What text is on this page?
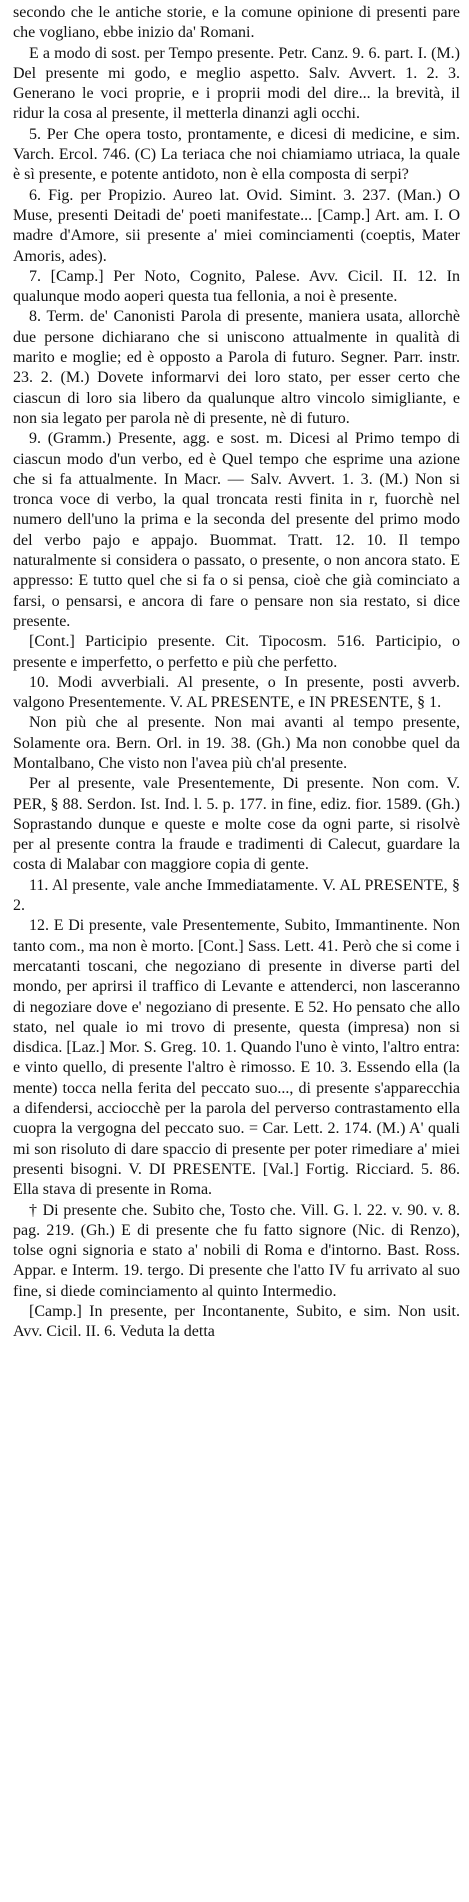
secondo che le antiche storie, e la comune opinione di presenti pare che vogliano, ebbe inizio da' Romani.

E a modo di sost. per Tempo presente. Petr. Canz. 9. 6. part. I. (M.) Del presente mi godo, e meglio aspetto. Salv. Avvert. 1. 2. 3. Generano le voci proprie, e i proprii modi del dire... la brevità, il ridur la cosa al presente, il metterla dinanzi agli occhi.

5. Per Che opera tosto, prontamente, e dicesi di medicine, e sim. Varch. Ercol. 746. (C) La teriaca che noi chiamiamo utriaca, la quale è sì presente, e potente antidoto, non è ella composta di serpi?

6. Fig. per Propizio. Aureo lat. Ovid. Simint. 3. 237. (Man.) O Muse, presenti Deitadi de' poeti manifestate... [Camp.] Art. am. I. O madre d'Amore, sii presente a' miei cominciamenti (coeptis, Mater Amoris, ades).

7. [Camp.] Per Noto, Cognito, Palese. Avv. Cicil. II. 12. In qualunque modo aoperi questa tua fellonia, a noi è presente.

8. Term. de' Canonisti Parola di presente, maniera usata, allorchè due persone dichiarano che si uniscono attualmente in qualità di marito e moglie; ed è opposto a Parola di futuro. Segner. Parr. instr. 23. 2. (M.) Dovete informarvi dei loro stato, per esser certo che ciascun di loro sia libero da qualunque altro vincolo simigliante, e non sia legato per parola nè di presente, nè di futuro.

9. (Gramm.) Presente, agg. e sost. m. Dicesi al Primo tempo di ciascun modo d'un verbo, ed è Quel tempo che esprime una azione che si fa attualmente. In Macr. — Salv. Avvert. 1. 3. (M.) Non si tronca voce di verbo, la qual troncata resti finita in r, fuorchè nel numero dell'uno la prima e la seconda del presente del primo modo del verbo pajo e appajo. Buommat. Tratt. 12. 10. Il tempo naturalmente si considera o passato, o presente, o non ancora stato. E appresso: E tutto quel che si fa o si pensa, cioè che già cominciato a farsi, o pensarsi, e ancora di fare o pensare non sia restato, si dice presente.

[Cont.] Participio presente. Cit. Tipocosm. 516. Participio, o presente e imperfetto, o perfetto e più che perfetto.

10. Modi avverbiali. Al presente, o In presente, posti avverb. valgono Presentemente. V. AL PRESENTE, e IN PRESENTE, § 1.

Non più che al presente. Non mai avanti al tempo presente, Solamente ora. Bern. Orl. in 19. 38. (Gh.) Ma non conobbe quel da Montalbano, Che visto non l'avea più ch'al presente.

Per al presente, vale Presentemente, Di presente. Non com. V. PER, § 88. Serdon. Ist. Ind. l. 5. p. 177. in fine, ediz. fior. 1589. (Gh.) Soprastando dunque e queste e molte cose da ogni parte, si risolvè per al presente contra la fraude e tradimenti di Calecut, guardare la costa di Malabar con maggiore copia di gente.

11. Al presente, vale anche Immediatamente. V. AL PRESENTE, § 2.

12. E Di presente, vale Presentemente, Subito, Immantinente. Non tanto com., ma non è morto. [Cont.] Sass. Lett. 41. Però che si come i mercatanti toscani, che negoziano di presente in diverse parti del mondo, per aprirsi il traffico di Levante e attenderci, non lasceranno di negoziare dove e' negoziano di presente. E 52. Ho pensato che allo stato, nel quale io mi trovo di presente, questa (impresa) non si disdica. [Laz.] Mor. S. Greg. 10. 1. Quando l'uno è vinto, l'altro entra: e vinto quello, di presente l'altro è rimosso. E 10. 3. Essendo ella (la mente) tocca nella ferita del peccato suo..., di presente s'apparecchia a difendersi, acciocchè per la parola del perverso contrastamento ella cuopra la vergogna del peccato suo. = Car. Lett. 2. 174. (M.) A' quali mi son risoluto di dare spaccio di presente per poter rimediare a' miei presenti bisogni. V. DI PRESENTE. [Val.] Fortig. Ricciard. 5. 86. Ella stava di presente in Roma.

† Di presente che. Subito che, Tosto che. Vill. G. l. 22. v. 90. v. 8. pag. 219. (Gh.) E di presente che fu fatto signore (Nic. di Renzo), tolse ogni signoria e stato a' nobili di Roma e d'intorno. Bast. Ross. Appar. e Interm. 19. tergo. Di presente che l'atto IV fu arrivato al suo fine, si diede cominciamento al quinto Intermedio.

[Camp.] In presente, per Incontanente, Subito, e sim. Non usit. Avv. Cicil. II. 6. Veduta la detta
